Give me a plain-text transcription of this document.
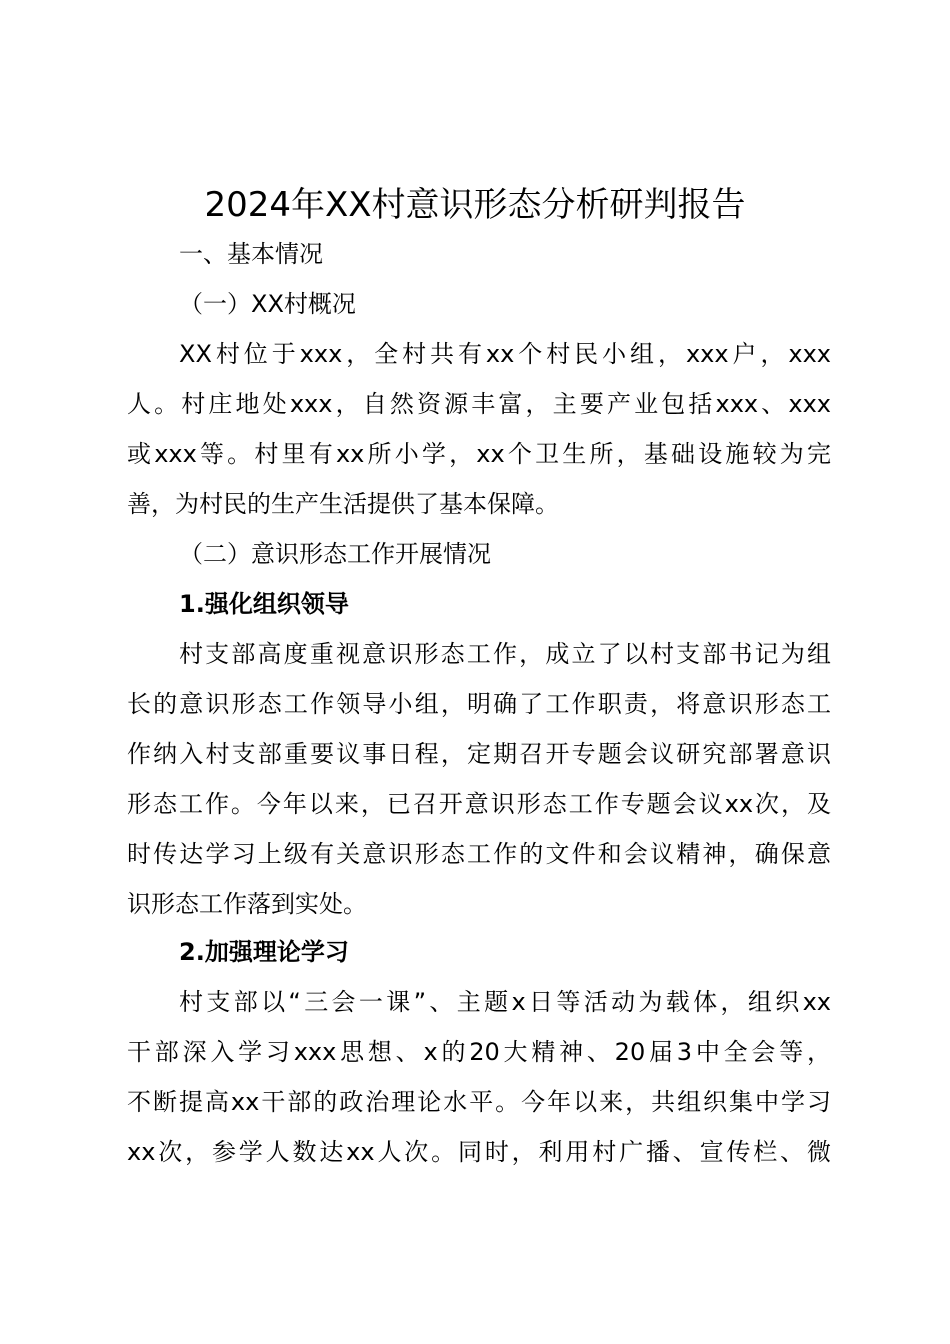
2024年XX村意识形态分析研判报告
一、基本情况
（一）XX村概况
XX村位于xxx，全村共有xx个村民小组，xxx户，xxx
人。村庄地处xxx，自然资源丰富，主要产业包括xxx、xxx
或xxx等。村里有xx所小学，xx个卫生所，基础设施较为完
善，为村民的生产生活提供了基本保障。
（二）意识形态工作开展情况
1.强化组织领导
村支部高度重视意识形态工作，成立了以村支部书记为组
长的意识形态工作领导小组，明确了工作职责，将意识形态工
作纳入村支部重要议事日程，定期召开专题会议研究部署意识
形态工作。今年以来，已召开意识形态工作专题会议xx次，及
时传达学习上级有关意识形态工作的文件和会议精神，确保意
识形态工作落到实处。
2.加强理论学习
村支部以“三会一课”、主题x日等活动为载体，组织xx
干部深入学习xxx思想、x的20大精神、20届3中全会等，
不断提高xx干部的政治理论水平。今年以来，共组织集中学习
xx次，参学人数达xx人次。同时，利用村广播、宣传栏、微
